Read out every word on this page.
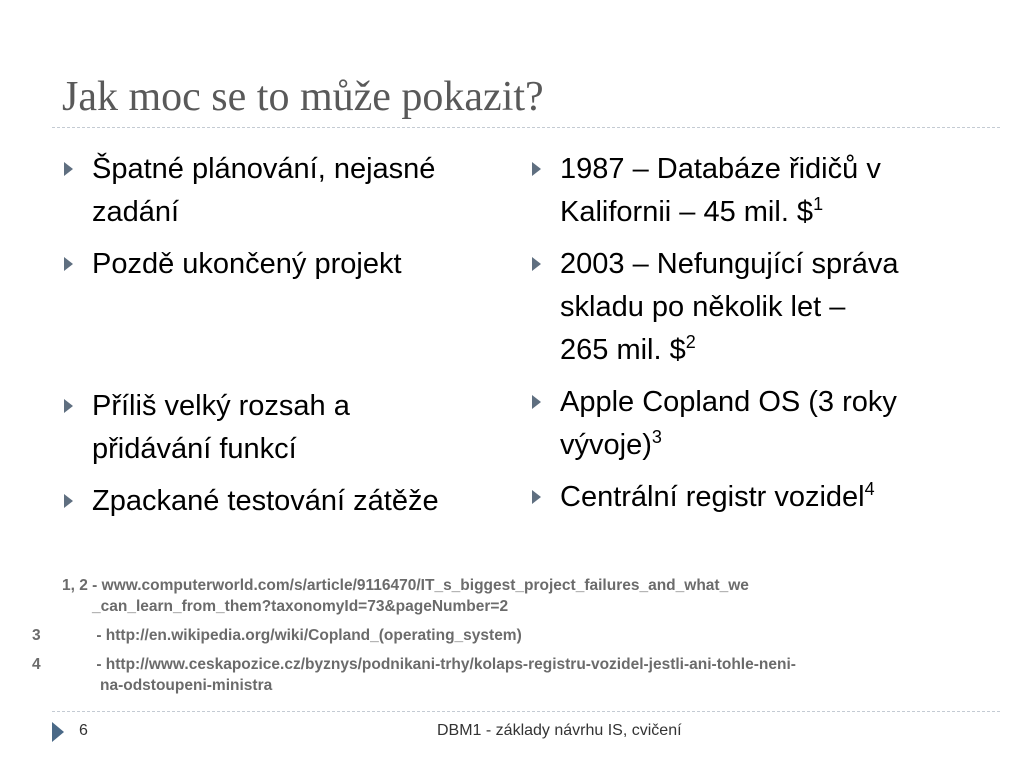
Jak moc se to může pokazit?
Špatné plánování, nejasné
zadání
Pozdě ukončený projekt
Příliš velký rozsah a
přidávání funkcí
Zpackané testování zátěže
1987 – Databáze řidičů v
Kalifornii – 45 mil. \$$^1$
2003 – Nefungující správa
skladu po několik let –
265 mil. \$$^2$
Apple Copland OS (3 roky
vývoje)$^3$
Centrální registr vozidel$^4$
1, 2 - www.computerworld.com/s/article/9116470/IT_s_biggest_project_failures_and_what_we
_can_learn_from_them?taxonomyId=73&pageNumber=2
3	- http://en.wikipedia.org/wiki/Copland_(operating_system)
4	- http://www.ceskapozice.cz/byznys/podnikani-trhy/kolaps-registru-vozidel-jestli-ani-tohle-neni-
na-odstoupeni-ministra
6	DBM1 - základy návrhu IS, cvičení
